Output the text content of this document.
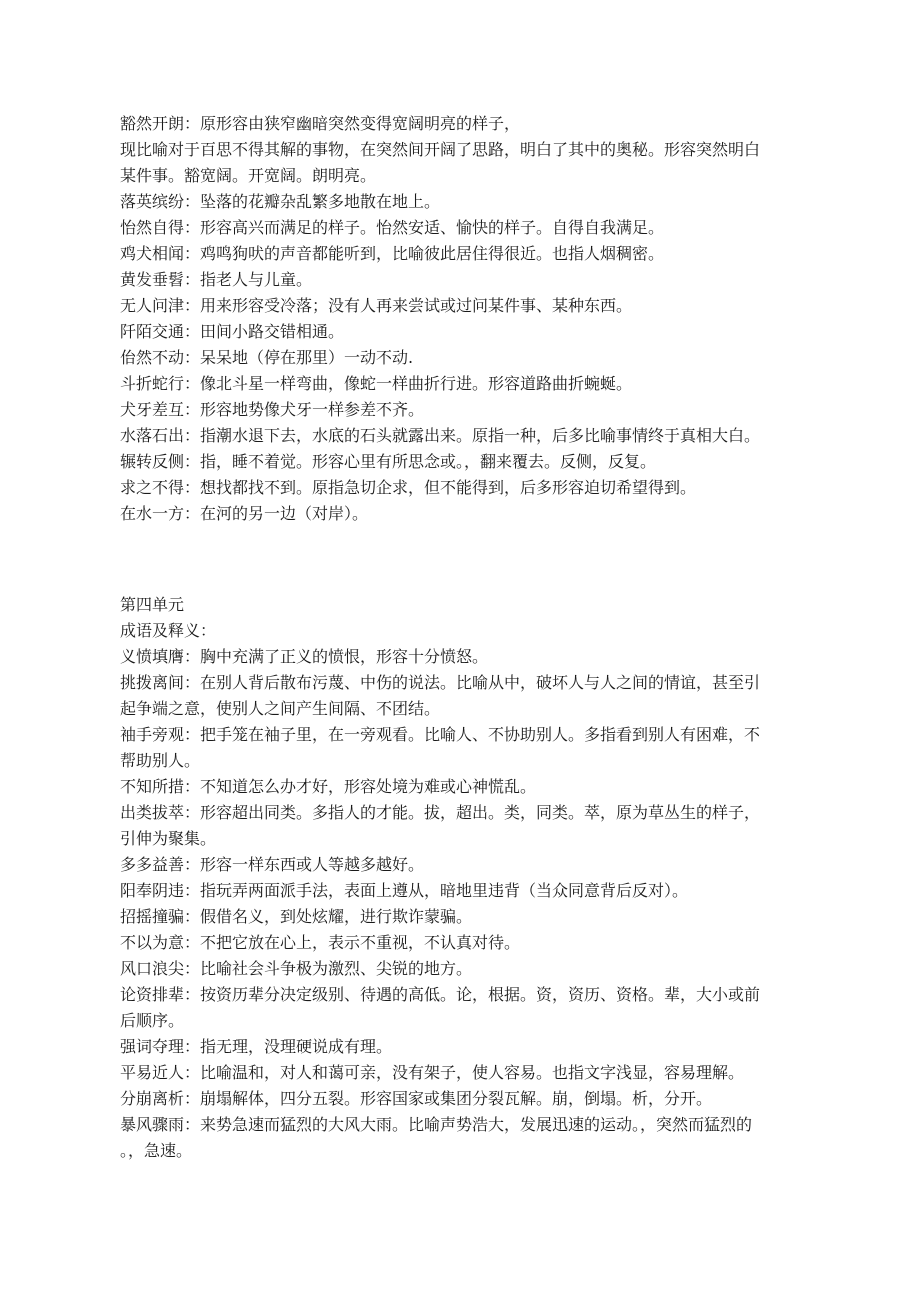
豁然开朗：原形容由狭窄幽暗突然变得宽阔明亮的样子，
现比喻对于百思不得其解的事物，在突然间开阔了思路，明白了其中的奥秘。形容突然明白
某件事。豁宽阔。开宽阔。朗明亮。
落英缤纷：坠落的花瓣杂乱繁多地散在地上。
怡然自得：形容高兴而满足的样子。怡然安适、愉快的样子。自得自我满足。
鸡犬相闻：鸡鸣狗吠的声音都能听到，比喻彼此居住得很近。也指人烟稠密。
黄发垂髫：指老人与儿童。
无人问津：用来形容受冷落；没有人再来尝试或过问某件事、某种东西。
阡陌交通：田间小路交错相通。
佁然不动：呆呆地（停在那里）一动不动.
斗折蛇行：像北斗星一样弯曲，像蛇一样曲折行进。形容道路曲折蜿蜒。
犬牙差互：形容地势像犬牙一样参差不齐。
水落石出：指潮水退下去，水底的石头就露出来。原指一种，后多比喻事情终于真相大白。
辗转反侧：指，睡不着觉。形容心里有所思念或。，翻来覆去。反侧，反复。
求之不得：想找都找不到。原指急切企求，但不能得到，后多形容迫切希望得到。
在水一方：在河的另一边（对岸）。
第四单元
成语及释义：
义愤填膺：胸中充满了正义的愤恨，形容十分愤怒。
挑拨离间：在别人背后散布污蔑、中伤的说法。比喻从中，破坏人与人之间的情谊，甚至引
起争端之意，使别人之间产生间隔、不团结。
袖手旁观：把手笼在袖子里，在一旁观看。比喻人、不协助别人。多指看到别人有困难，不
帮助别人。
不知所措：不知道怎么办才好，形容处境为难或心神慌乱。
出类拔萃：形容超出同类。多指人的才能。拔，超出。类，同类。萃，原为草丛生的样子，
引伸为聚集。
多多益善：形容一样东西或人等越多越好。
阳奉阴违：指玩弄两面派手法，表面上遵从，暗地里违背（当众同意背后反对）。
招摇撞骗：假借名义，到处炫耀，进行欺诈蒙骗。
不以为意：不把它放在心上，表示不重视，不认真对待。
风口浪尖：比喻社会斗争极为激烈、尖锐的地方。
论资排辈：按资历辈分决定级别、待遇的高低。论，根据。资，资历、资格。辈，大小或前
后顺序。
强词夺理：指无理，没理硬说成有理。
平易近人：比喻温和，对人和蔼可亲，没有架子，使人容易。也指文字浅显，容易理解。
分崩离析：崩塌解体，四分五裂。形容国家或集团分裂瓦解。崩，倒塌。析，分开。
暴风骤雨：来势急速而猛烈的大风大雨。比喻声势浩大，发展迅速的运动。，突然而猛烈的
。，急速。
